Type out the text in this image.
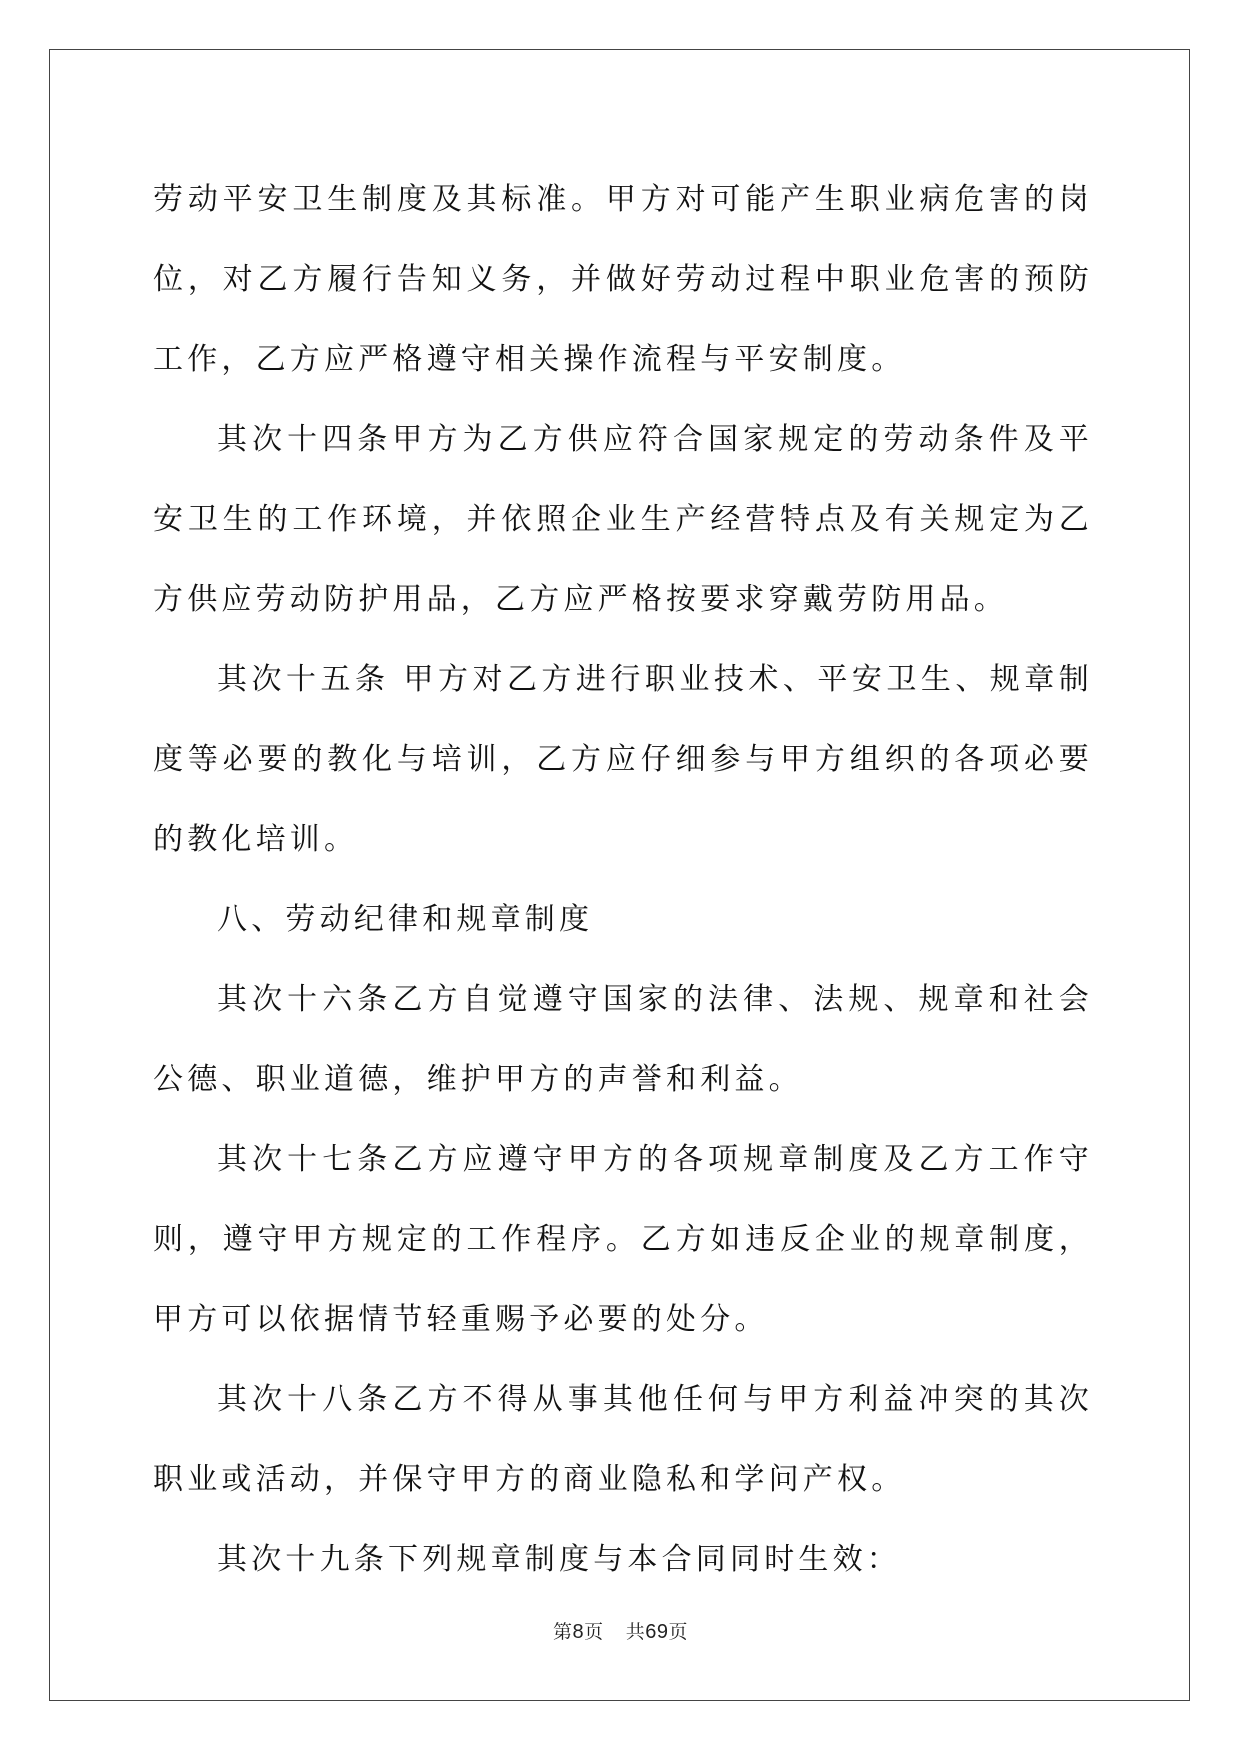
劳动平安卫生制度及其标准。甲方对可能产生职业病危害的岗位，对乙方履行告知义务，并做好劳动过程中职业危害的预防工作，乙方应严格遵守相关操作流程与平安制度。

其次十四条甲方为乙方供应符合国家规定的劳动条件及平安卫生的工作环境，并依照企业生产经营特点及有关规定为乙方供应劳动防护用品，乙方应严格按要求穿戴劳防用品。

其次十五条 甲方对乙方进行职业技术、平安卫生、规章制度等必要的教化与培训，乙方应仔细参与甲方组织的各项必要的教化培训。

八、劳动纪律和规章制度

其次十六条乙方自觉遵守国家的法律、法规、规章和社会公德、职业道德，维护甲方的声誉和利益。

其次十七条乙方应遵守甲方的各项规章制度及乙方工作守则，遵守甲方规定的工作程序。乙方如违反企业的规章制度，甲方可以依据情节轻重赐予必要的处分。

其次十八条乙方不得从事其他任何与甲方利益冲突的其次职业或活动，并保守甲方的商业隐私和学问产权。

其次十九条下列规章制度与本合同同时生效：

第8页 共69页
